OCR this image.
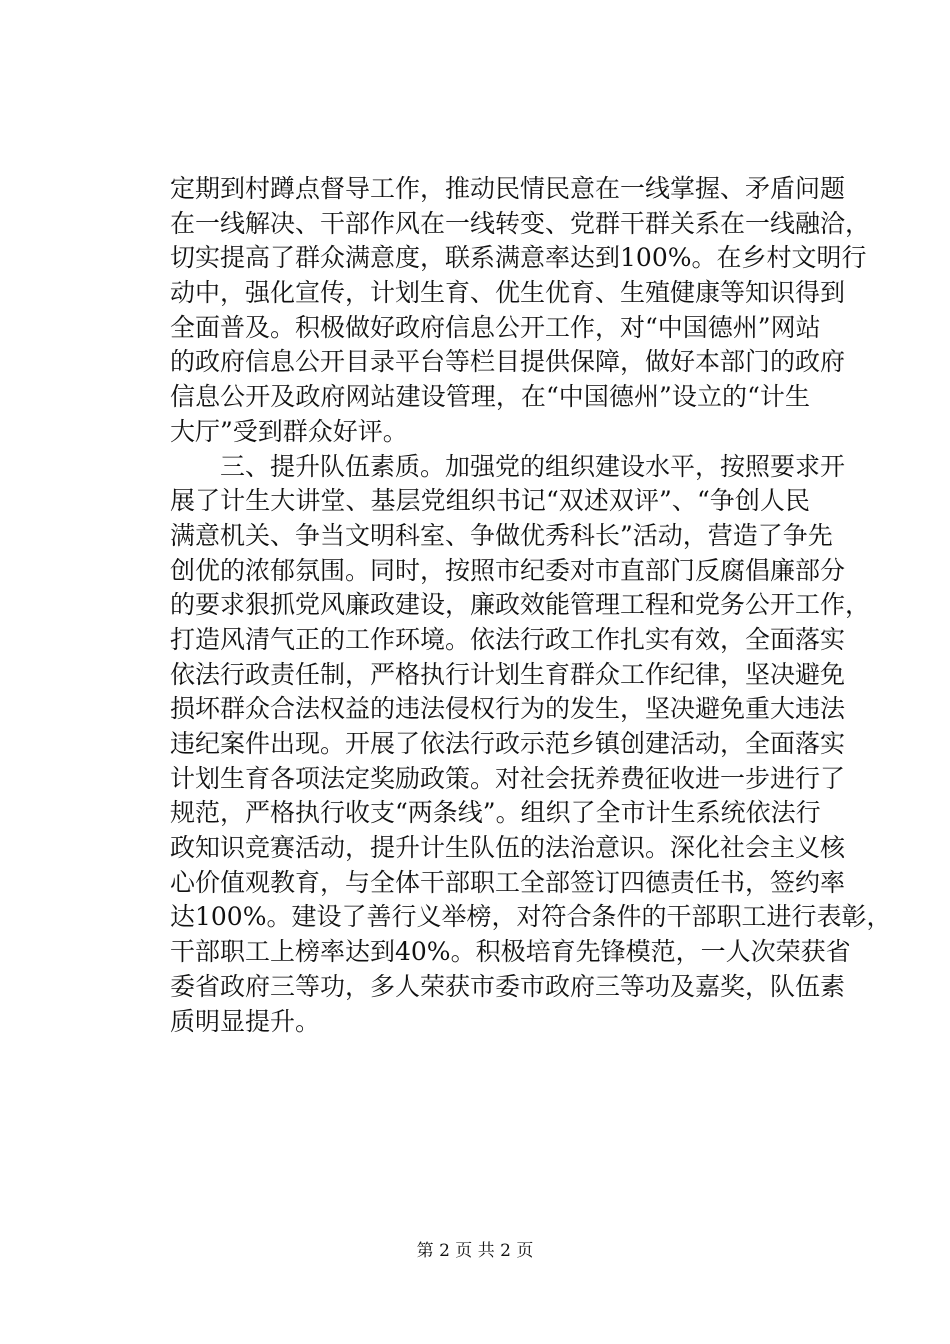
定期到村蹲点督导工作，推动民情民意在一线掌握、矛盾问题
在一线解决、干部作风在一线转变、党群干群关系在一线融洽，
切实提高了群众满意度，联系满意率达到100%。在乡村文明行
动中，强化宣传，计划生育、优生优育、生殖健康等知识得到
全面普及。积极做好政府信息公开工作，对“中国德州”网站
的政府信息公开目录平台等栏目提供保障，做好本部门的政府
信息公开及政府网站建设管理，在“中国德州”设立的“计生
大厅”受到群众好评。
三、提升队伍素质。加强党的组织建设水平，按照要求开
展了计生大讲堂、基层党组织书记“双述双评”、“争创人民
满意机关、争当文明科室、争做优秀科长”活动，营造了争先
创优的浓郁氛围。同时，按照市纪委对市直部门反腐倡廉部分
的要求狠抓党风廉政建设，廉政效能管理工程和党务公开工作，
打造风清气正的工作环境。依法行政工作扎实有效，全面落实
依法行政责任制，严格执行计划生育群众工作纪律，坚决避免
损坏群众合法权益的违法侵权行为的发生，坚决避免重大违法
违纪案件出现。开展了依法行政示范乡镇创建活动，全面落实
计划生育各项法定奖励政策。对社会抚养费征收进一步进行了
规范，严格执行收支“两条线”。组织了全市计生系统依法行
政知识竞赛活动，提升计生队伍的法治意识。深化社会主义核
心价值观教育，与全体干部职工全部签订四德责任书，签约率
达100%。建设了善行义举榜，对符合条件的干部职工进行表彰，
干部职工上榜率达到40%。积极培育先锋模范，一人次荣获省
委省政府三等功，多人荣获市委市政府三等功及嘉奖，队伍素
质明显提升。
第 2 页 共 2 页
